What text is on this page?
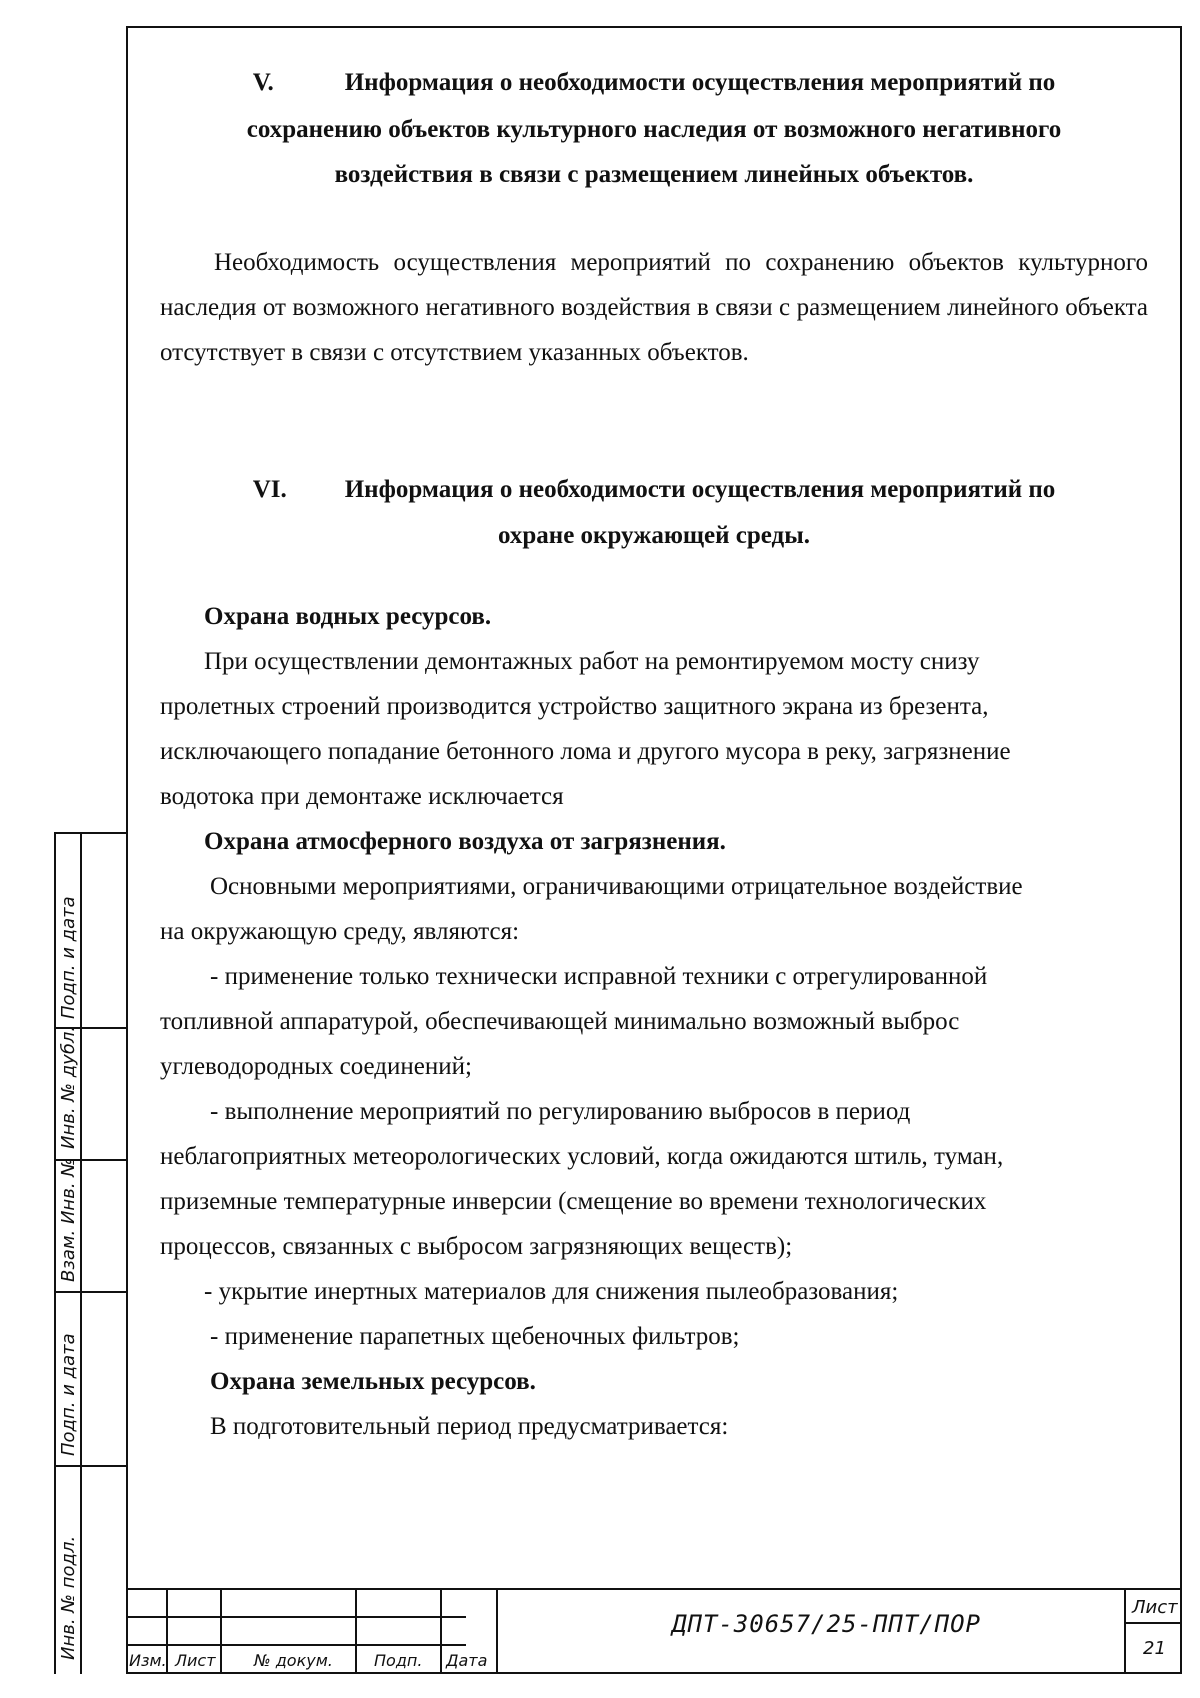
V.	Информация о необходимости осуществления мероприятий по
сохранению объектов культурного наследия от возможного негативного
воздействия в связи с размещением линейных объектов.
Необходимость осуществления мероприятий по сохранению объектов культурного наследия от возможного негативного воздействия в связи с размещением линейного объекта отсутствует в связи с отсутствием указанных объектов.
VI. Информация о необходимости осуществления мероприятий по
охране окружающей среды.
Охрана водных ресурсов.
При осуществлении демонтажных работ на ремонтируемом мосту снизу
пролетных строений производится устройство защитного экрана из брезента,
исключающего попадание бетонного лома и другого мусора в реку, загрязнение
водотока при демонтаже исключается
Охрана атмосферного воздуха от загрязнения.
Основными мероприятиями, ограничивающими отрицательное воздействие
на окружающую среду, являются:
- применение только технически исправной техники с отрегулированной
топливной аппаратурой, обеспечивающей минимально возможный выброс
углеводородных соединений;
- выполнение мероприятий по регулированию выбросов в период
неблагоприятных метеорологических условий, когда ожидаются штиль, туман,
приземные температурные инверсии (смещение во времени технологических
процессов, связанных с выбросом загрязняющих веществ);
- укрытие инертных материалов для снижения пылеобразования;
- применение парапетных щебеночных фильтров;
Охрана земельных ресурсов.
В подготовительный период предусматривается:
Подп. и дата
Инв. № дубл.
Взам. Инв. №
Подп. и дата
Инв. № подл.
Изм. Лист № докум.	Подп. Дата
ДПТ-30657/25-ППТ/ПОР
Лист
21
